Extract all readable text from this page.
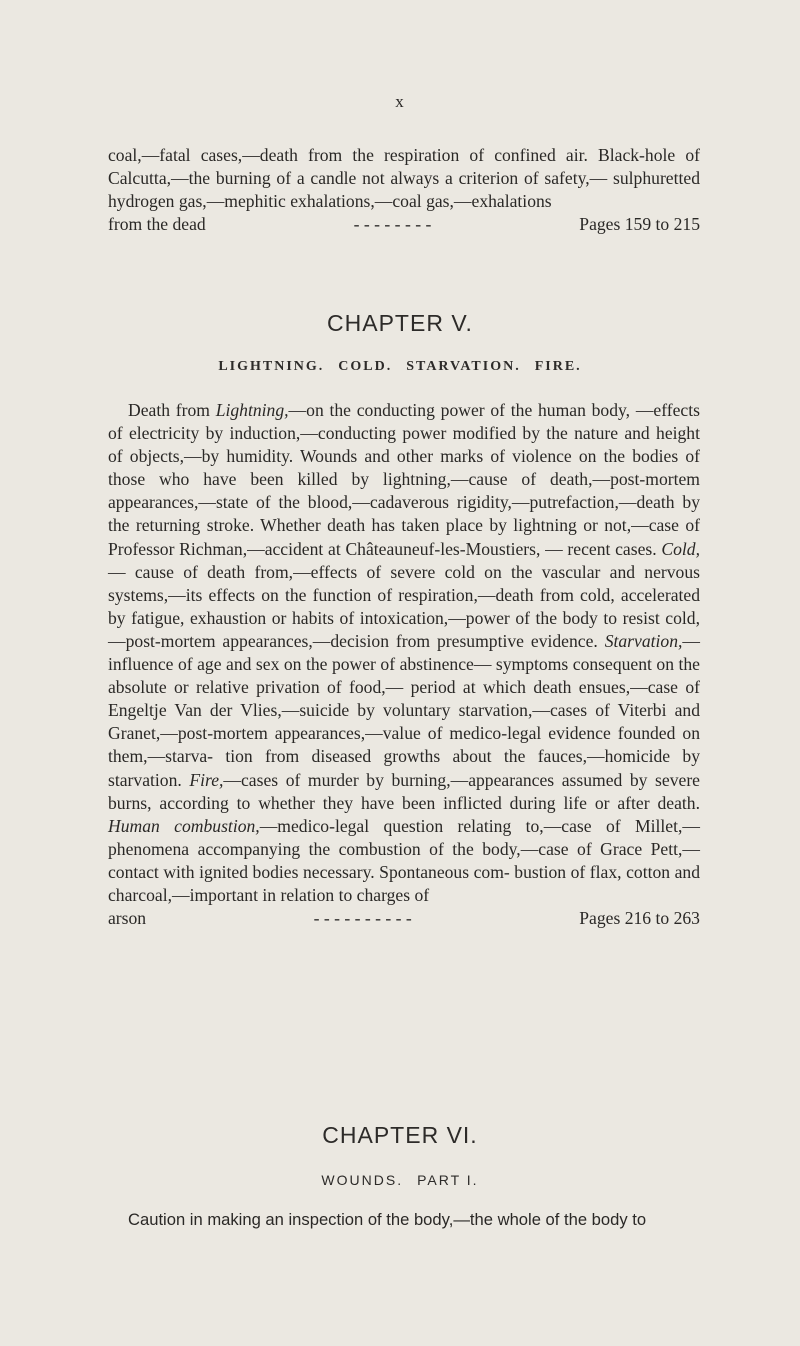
x

coal,—fatal cases,—death from the respiration of confined air. Black-hole of Calcutta,—the burning of a candle not always a criterion of safety,— sulphuretted hydrogen gas,—mephitic exhalations,—coal gas,—exhalations

from the dead	- - - - - - - -	Pages 159 to 215
CHAPTER V.
LIGHTNING. COLD. STARVATION. FIRE.

Death from Lightning,—on the conducting power of the human body, —effects of electricity by induction,—conducting power modified by the nature and height of objects,—by humidity. Wounds and other marks of violence on the bodies of those who have been killed by lightning,—cause of death,—post-mortem appearances,—state of the blood,—cadaverous rigidity,—putrefaction,—death by the returning stroke. Whether death has taken place by lightning or not,—case of Professor Richman,—accident at Châteauneuf-les-Moustiers, — recent cases. Cold, — cause of death from,—effects of severe cold on the vascular and nervous systems,—its effects on the function of respiration,—death from cold, accelerated by fatigue, exhaustion or habits of intoxication,—power of the body to resist cold,—post-mortem appearances,—decision from presumptive evidence. Starvation,—influence of age and sex on the power of abstinence— symptoms consequent on the absolute or relative privation of food,— period at which death ensues,—case of Engeltje Van der Vlies,—suicide by voluntary starvation,—cases of Viterbi and Granet,—post-mortem appearances,—value of medico-legal evidence founded on them,—starva- tion from diseased growths about the fauces,—homicide by starvation. Fire,—cases of murder by burning,—appearances assumed by severe burns, according to whether they have been inflicted during life or after death. Human combustion,—medico-legal question relating to,—case of Millet,—phenomena accompanying the combustion of the body,—case of Grace Pett,—contact with ignited bodies necessary. Spontaneous com- bustion of flax, cotton and charcoal,—important in relation to charges of

arson	- - - - - - - - - -	Pages 216 to 263
CHAPTER VI.
WOUNDS. PART I.

Caution in making an inspection of the body,—the whole of the body to
